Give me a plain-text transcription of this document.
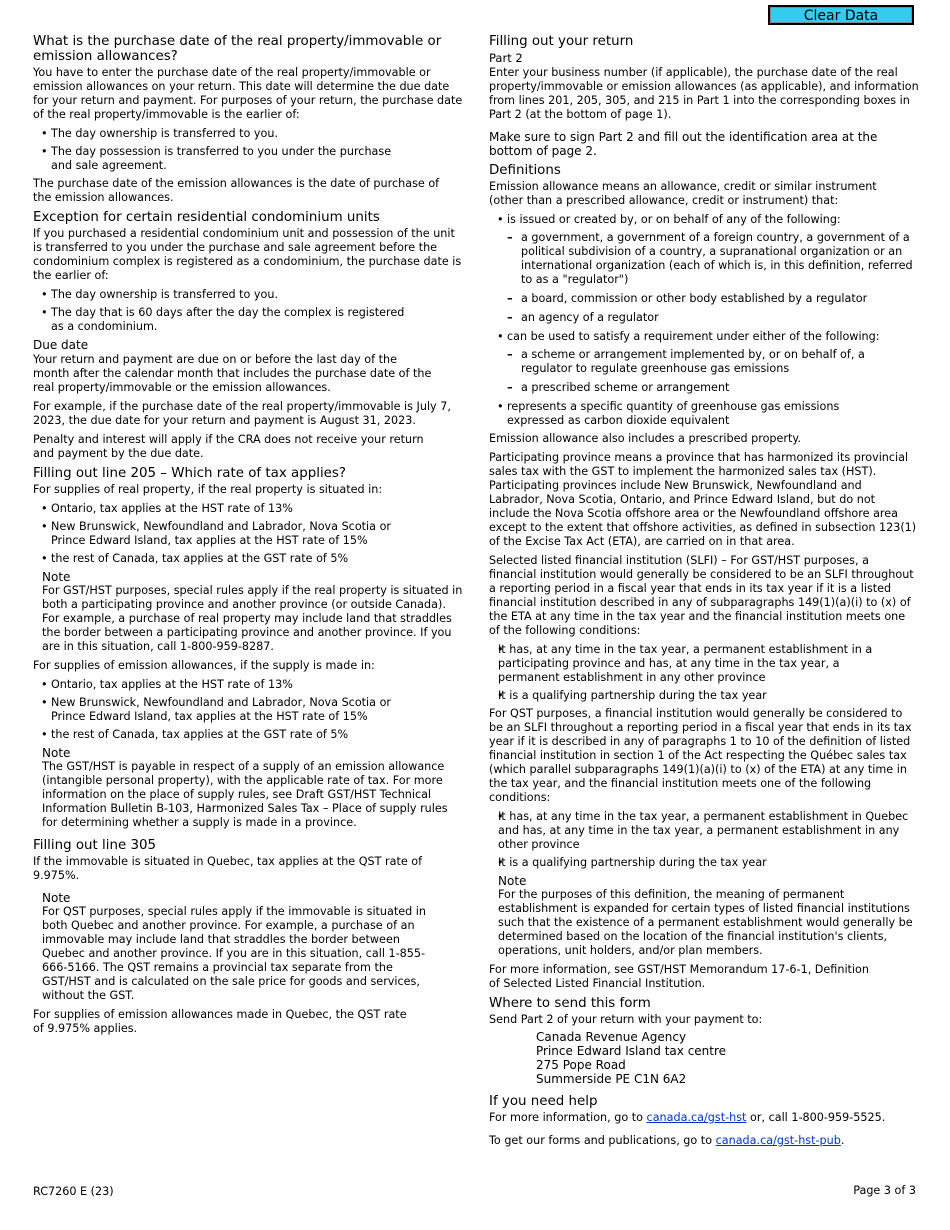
Clear Data
What is the purchase date of the real property/immovable or emission allowances?

You have to enter the purchase date of the real property/immovable or emission allowances on your return. This date will determine the due date for your return and payment. For purposes of your return, the purchase date of the real property/immovable is the earlier of:

• The day ownership is transferred to you.
• The day possession is transferred to you under the purchase and sale agreement.

The purchase date of the emission allowances is the date of purchase of the emission allowances.

Exception for certain residential condominium units

If you purchased a residential condominium unit and possession of the unit is transferred to you under the purchase and sale agreement before the condominium complex is registered as a condominium, the purchase date is the earlier of:

• The day ownership is transferred to you.
• The day that is 60 days after the day the complex is registered as a condominium.
Due date

Your return and payment are due on or before the last day of the month after the calendar month that includes the purchase date of the real property/immovable or the emission allowances.

For example, if the purchase date of the real property/immovable is July 7, 2023, the due date for your return and payment is August 31, 2023.

Penalty and interest will apply if the CRA does not receive your return and payment by the due date.

Filling out line 205 – Which rate of tax applies?

For supplies of real property, if the real property is situated in:

• Ontario, tax applies at the HST rate of 13%
• New Brunswick, Newfoundland and Labrador, Nova Scotia or Prince Edward Island, tax applies at the HST rate of 15%
• the rest of Canada, tax applies at the GST rate of 5%
Note
For GST/HST purposes, special rules apply if the real property is situated in both a participating province and another province (or outside Canada). For example, a purchase of real property may include land that straddles the border between a participating province and another province. If you are in this situation, call 1-800-959-8287.

For supplies of emission allowances, if the supply is made in:

• Ontario, tax applies at the HST rate of 13%
• New Brunswick, Newfoundland and Labrador, Nova Scotia or Prince Edward Island, tax applies at the HST rate of 15%
• the rest of Canada, tax applies at the GST rate of 5%
Note
The GST/HST is payable in respect of a supply of an emission allowance (intangible personal property), with the applicable rate of tax. For more information on the place of supply rules, see Draft GST/HST Technical Information Bulletin B-103, Harmonized Sales Tax – Place of supply rules for determining whether a supply is made in a province.
Filling out line 305

If the immovable is situated in Quebec, tax applies at the QST rate of 9.975%.

Note
For QST purposes, special rules apply if the immovable is situated in both Quebec and another province. For example, a purchase of an immovable may include land that straddles the border between Quebec and another province. If you are in this situation, call 1-855-666-5166. The QST remains a provincial tax separate from the GST/HST and is calculated on the sale price for goods and services, without the GST.

For supplies of emission allowances made in Quebec, the QST rate of 9.975% applies.

Filling out your return
Part 2

Enter your business number (if applicable), the purchase date of the real property/immovable or emission allowances (as applicable), and information from lines 201, 205, 305, and 215 in Part 1 into the corresponding boxes in Part 2 (at the bottom of page 1).

Make sure to sign Part 2 and fill out the identification area at the bottom of page 2.

Definitions

Emission allowance means an allowance, credit or similar instrument (other than a prescribed allowance, credit or instrument) that:

• is issued or created by, or on behalf of any of the following:
– a government, a government of a foreign country, a government of a political subdivision of a country, a supranational organization or an international organization (each of which is, in this definition, referred to as a "regulator")
– a board, commission or other body established by a regulator
– an agency of a regulator
• can be used to satisfy a requirement under either of the following:
– a scheme or arrangement implemented by, or on behalf of, a regulator to regulate greenhouse gas emissions
– a prescribed scheme or arrangement
• represents a specific quantity of greenhouse gas emissions expressed as carbon dioxide equivalent

Emission allowance also includes a prescribed property.

Participating province means a province that has harmonized its provincial sales tax with the GST to implement the harmonized sales tax (HST). Participating provinces include New Brunswick, Newfoundland and Labrador, Nova Scotia, Ontario, and Prince Edward Island, but do not include the Nova Scotia offshore area or the Newfoundland offshore area except to the extent that offshore activities, as defined in subsection 123(1) of the Excise Tax Act (ETA), are carried on in that area.

Selected listed financial institution (SLFI) – For GST/HST purposes, a financial institution would generally be considered to be an SLFI throughout a reporting period in a fiscal year that ends in its tax year if it is a listed financial institution described in any of subparagraphs 149(1)(a)(i) to (x) of the ETA at any time in the tax year and the financial institution meets one of the following conditions:

• It has, at any time in the tax year, a permanent establishment in a participating province and has, at any time in the tax year, a permanent establishment in any other province
• It is a qualifying partnership during the tax year

For QST purposes, a financial institution would generally be considered to be an SLFI throughout a reporting period in a fiscal year that ends in its tax year if it is described in any of paragraphs 1 to 10 of the definition of listed financial institution in section 1 of the Act respecting the Québec sales tax (which parallel subparagraphs 149(1)(a)(i) to (x) of the ETA) at any time in the tax year, and the financial institution meets one of the following conditions:

• It has, at any time in the tax year, a permanent establishment in Quebec and has, at any time in the tax year, a permanent establishment in any other province
• It is a qualifying partnership during the tax year
Note
For the purposes of this definition, the meaning of permanent establishment is expanded for certain types of listed financial institutions such that the existence of a permanent establishment would generally be determined based on the location of the financial institution's clients, operations, unit holders, and/or plan members.

For more information, see GST/HST Memorandum 17-6-1, Definition of Selected Listed Financial Institution.

Where to send this form

Send Part 2 of your return with your payment to:

Canada Revenue Agency
Prince Edward Island tax centre
275 Pope Road
Summerside PE C1N 6A2
If you need help

For more information, go to canada.ca/gst-hst or, call 1-800-959-5525.

To get our forms and publications, go to canada.ca/gst-hst-pub.

RC7260 E (23)	Page 3 of 3
